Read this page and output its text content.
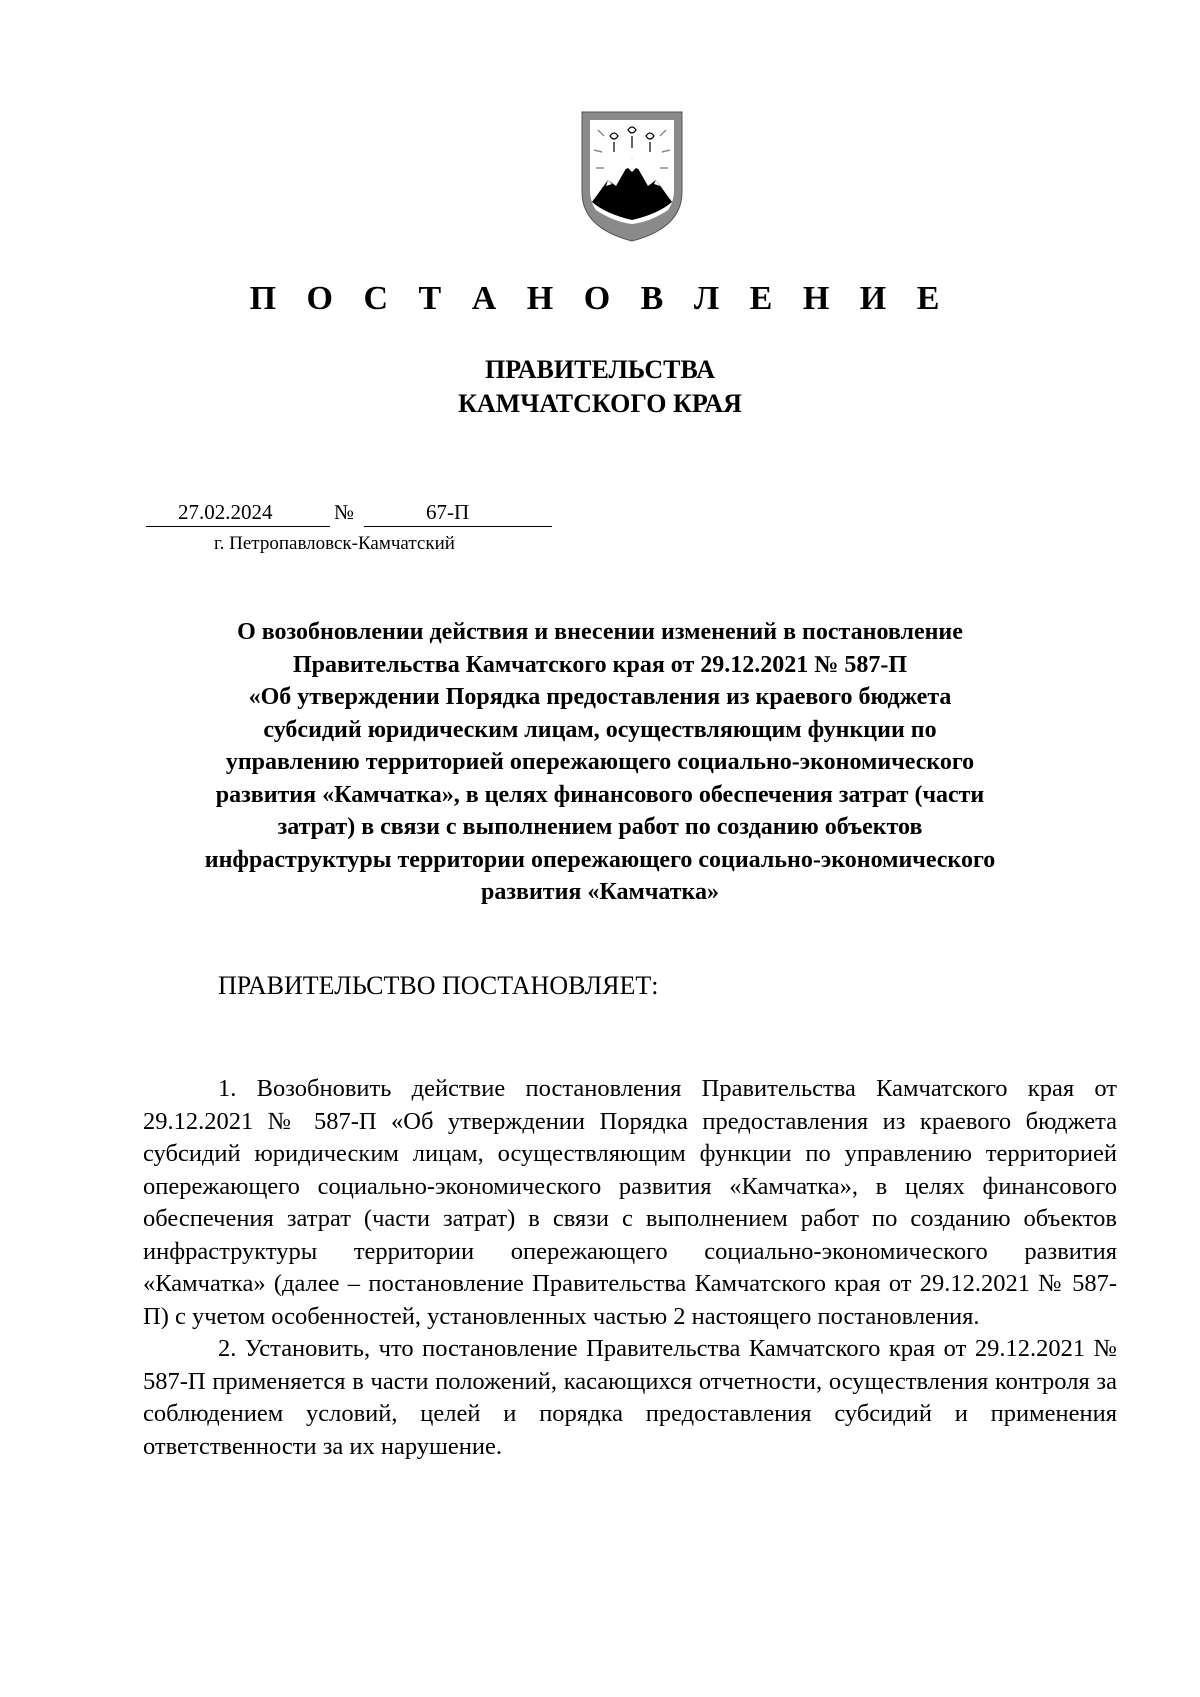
П О С Т А Н О В Л Е Н И Е
ПРАВИТЕЛЬСТВА
КАМЧАТСКОГО КРАЯ
27.02.2024	№	67-П
г. Петропавловск-Камчатский
О возобновлении действия и внесении изменений в постановление
Правительства Камчатского края от 29.12.2021 № 587-П
«Об утверждении Порядка предоставления из краевого бюджета
субсидий юридическим лицам, осуществляющим функции по
управлению территорией опережающего социально-экономического
развития «Камчатка», в целях финансового обеспечения затрат (части
затрат) в связи с выполнением работ по созданию объектов
инфраструктуры территории опережающего социально-экономического
развития «Камчатка»
ПРАВИТЕЛЬСТВО ПОСТАНОВЛЯЕТ:

1. Возобновить действие постановления Правительства Камчатского края от 29.12.2021 № 587-П «Об утверждении Порядка предоставления из краевого бюджета субсидий юридическим лицам, осуществляющим функции по управлению территорией опережающего социально-экономического развития «Камчатка», в целях финансового обеспечения затрат (части затрат) в связи с выполнением работ по созданию объектов инфраструктуры территории опережающего социально-экономического развития «Камчатка» (далее – постановление Правительства Камчатского края от 29.12.2021 № 587-П) с учетом особенностей, установленных частью 2 настоящего постановления.

2. Установить, что постановление Правительства Камчатского края от 29.12.2021 № 587-П применяется в части положений, касающихся отчетности, осуществления контроля за соблюдением условий, целей и порядка предоставления субсидий и применения ответственности за их нарушение.
